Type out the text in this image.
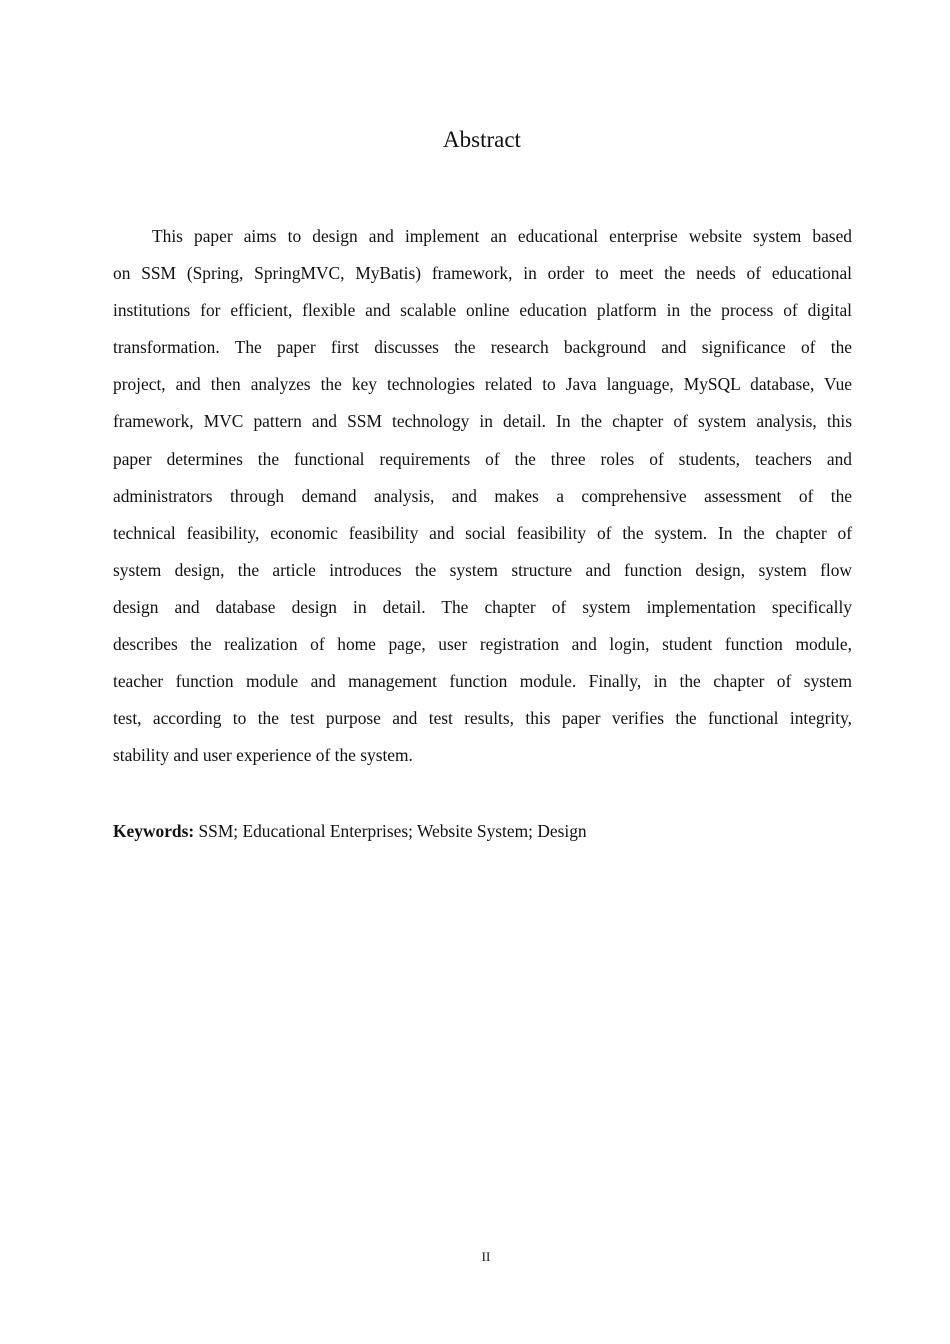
Abstract
This paper aims to design and implement an educational enterprise website system based
on SSM (Spring, SpringMVC, MyBatis) framework, in order to meet the needs of educational
institutions for efficient, flexible and scalable online education platform in the process of digital
transformation. The paper first discusses the research background and significance of the
project, and then analyzes the key technologies related to Java language, MySQL database, Vue
framework, MVC pattern and SSM technology in detail. In the chapter of system analysis, this
paper determines the functional requirements of the three roles of students, teachers and
administrators through demand analysis, and makes a comprehensive assessment of the
technical feasibility, economic feasibility and social feasibility of the system. In the chapter of
system design, the article introduces the system structure and function design, system flow
design and database design in detail. The chapter of system implementation specifically
describes the realization of home page, user registration and login, student function module,
teacher function module and management function module. Finally, in the chapter of system
test, according to the test purpose and test results, this paper verifies the functional integrity,
stability and user experience of the system.

Keywords: SSM; Educational Enterprises; Website System; Design

II
